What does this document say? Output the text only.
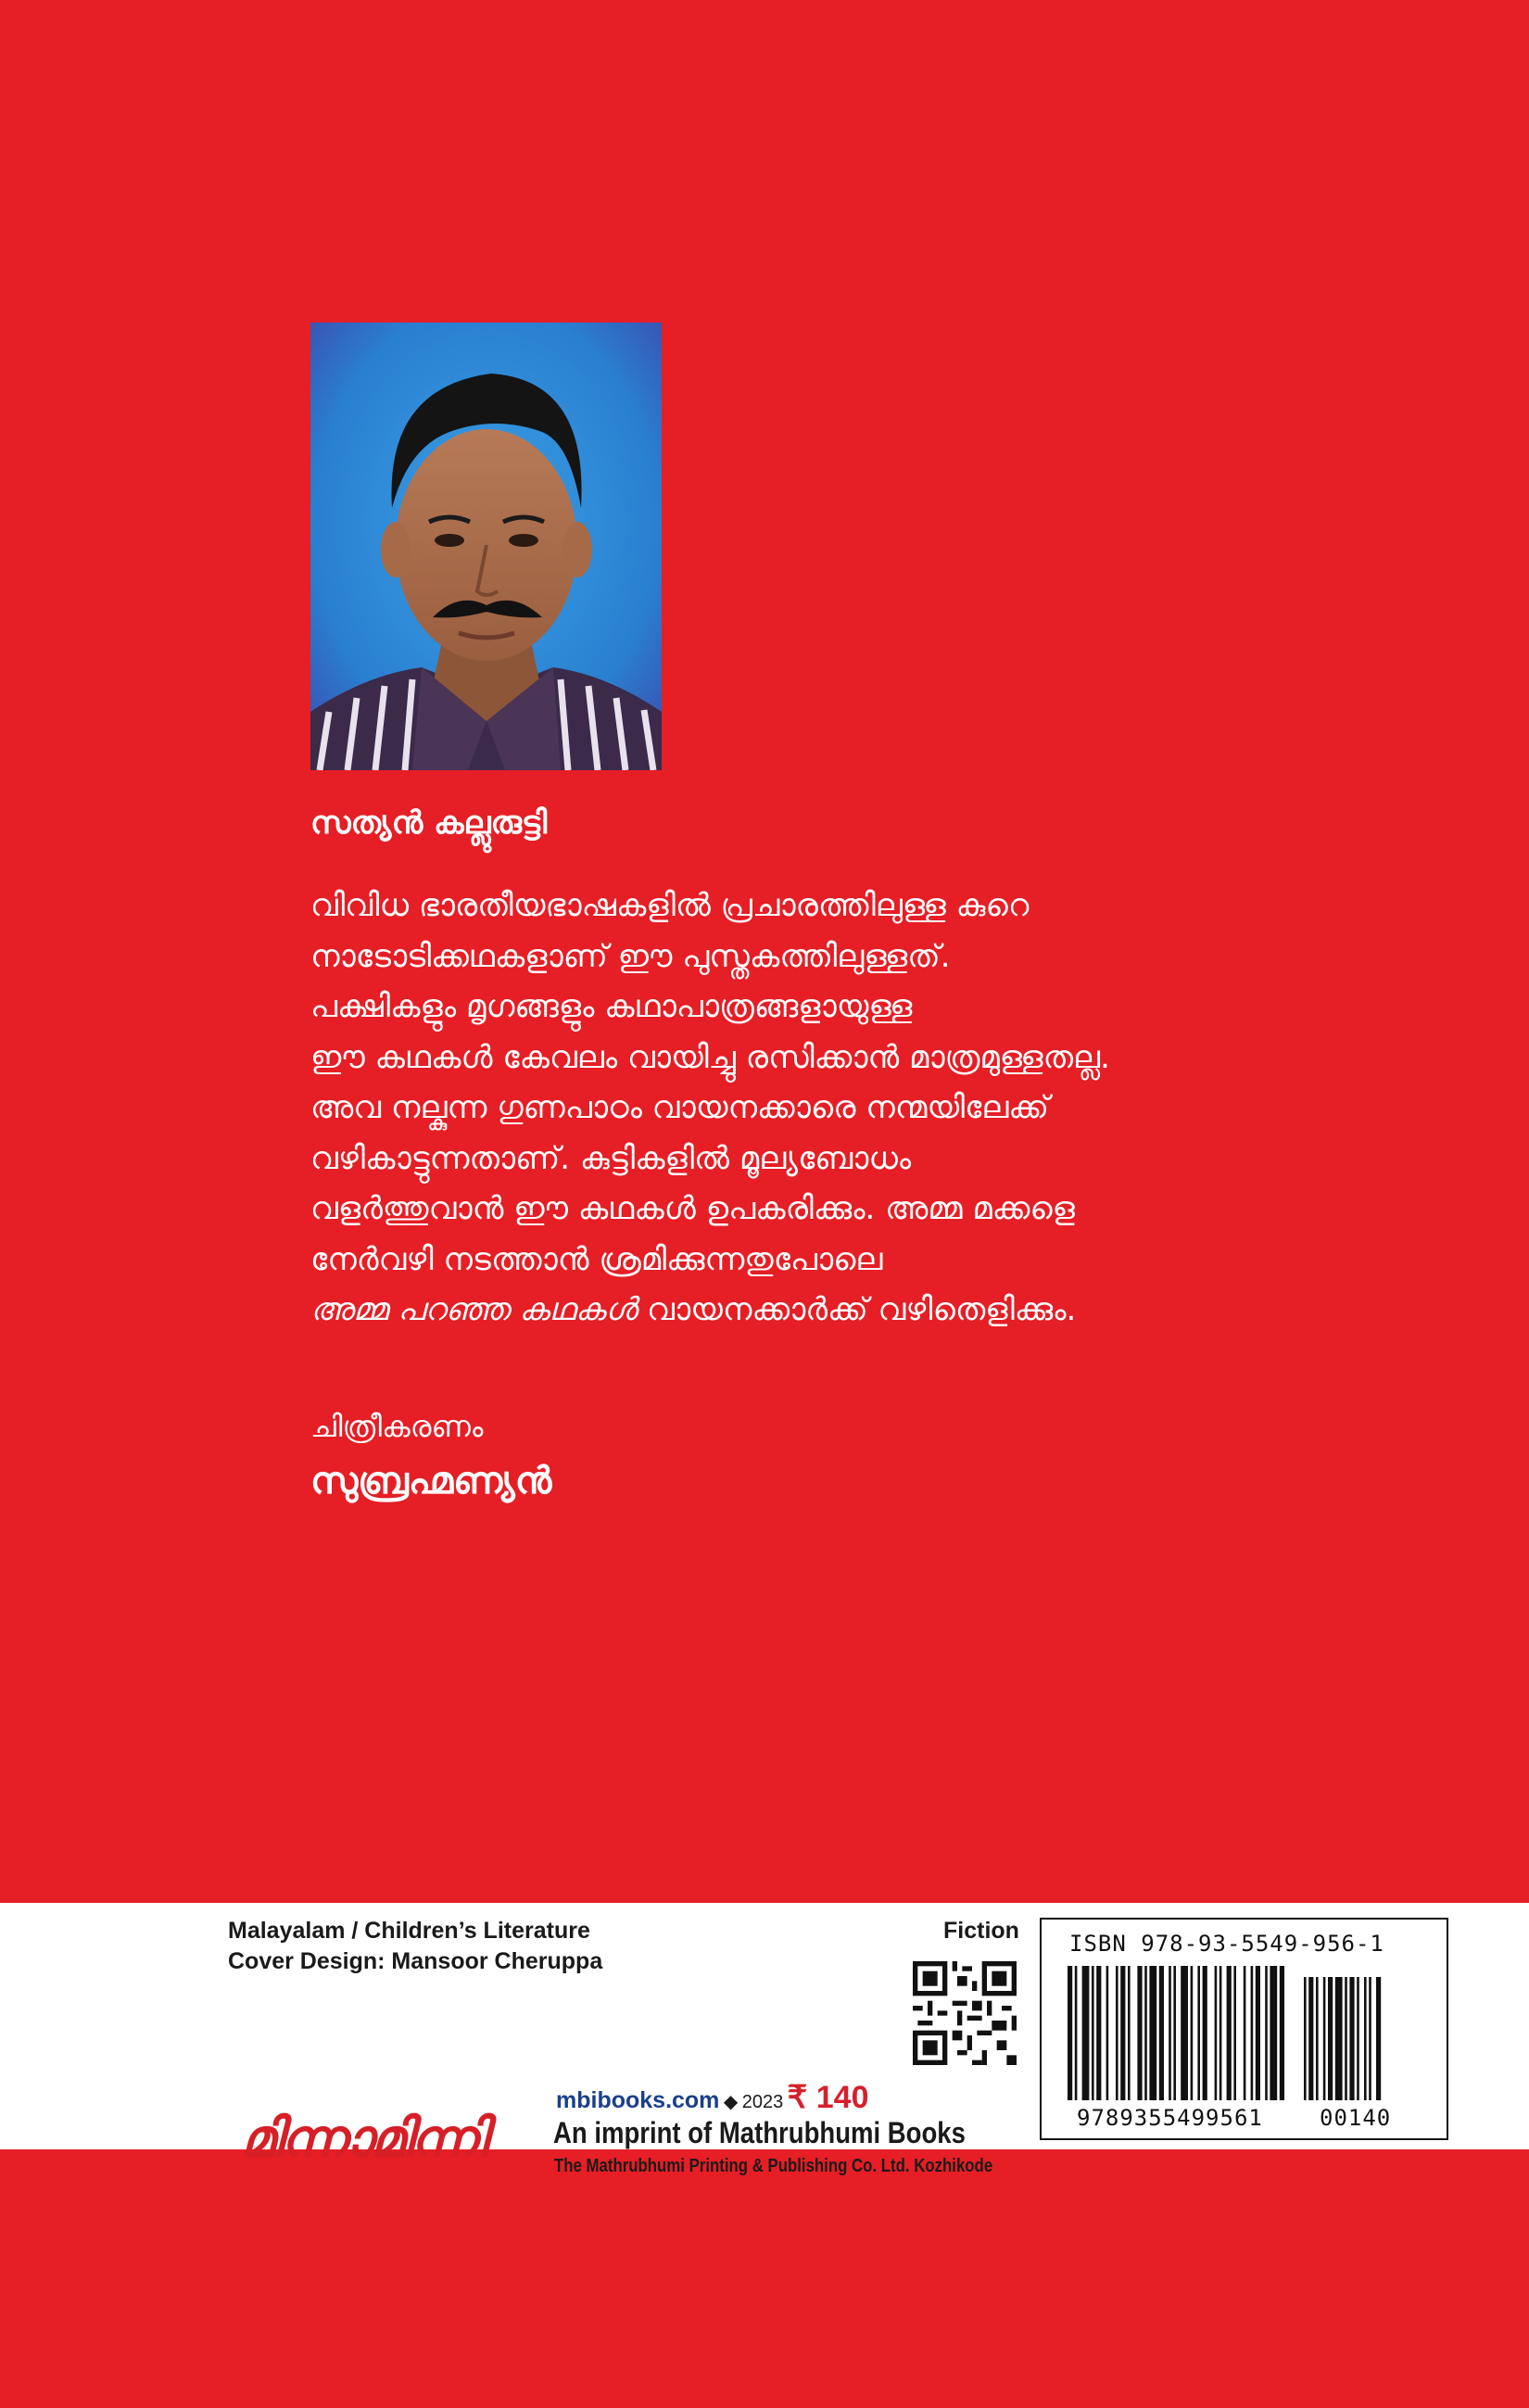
സത്യൻ കല്ലുരുട്ടി
വിവിധ ഭാരതീയഭാഷകളിൽ പ്രചാരത്തിലുള്ള കുറെ
നാടോടിക്കഥകളാണ് ഈ പുസ്തകത്തിലുള്ളത്.
പക്ഷികളും മൃഗങ്ങളും കഥാപാത്രങ്ങളായുള്ള
ഈ കഥകൾ കേവലം വായിച്ചു രസിക്കാൻ മാത്രമുള്ളതല്ല.
അവ നല്കുന്ന ഗുണപാഠം വായനക്കാരെ നന്മയിലേക്ക്
വഴികാട്ടുന്നതാണ്. കുട്ടികളിൽ മൂല്യബോധം
വളർത്തുവാൻ ഈ കഥകൾ ഉപകരിക്കും. അമ്മ മക്കളെ
നേർവഴി നടത്താൻ ശ്രമിക്കുന്നതുപോലെ
അമ്മ പറഞ്ഞ കഥകൾ വായനക്കാർക്ക് വഴിതെളിക്കും.
ചിത്രീകരണം
സുബ്രഹ്മണ്യൻ
Malayalam / Children’s Literature
Cover Design: Mansoor Cheruppa
Fiction
mbibooks.com ◆ 2023 ₹ 140
മിന്നാമിന്നി An imprint of Mathrubhumi Books
The Mathrubhumi Printing & Publishing Co. Ltd. Kozhikode
ISBN 978-93-5549-956-1
9789355499561	00140
